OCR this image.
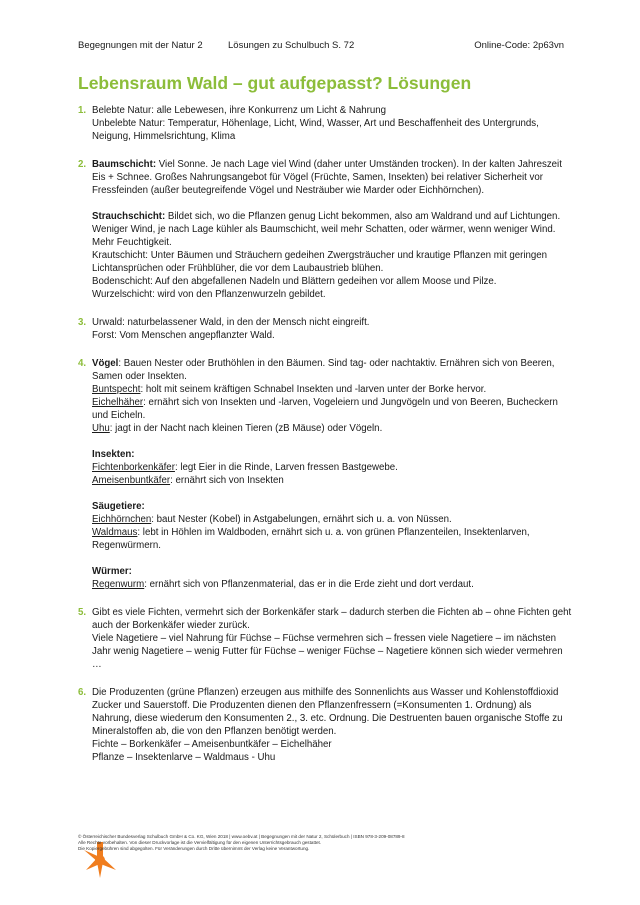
Begegnungen mit der Natur 2	Lösungen zu Schulbuch S. 72	Online-Code: 2p63vn
Lebensraum Wald – gut aufgepasst? Lösungen
1. Belebte Natur: alle Lebewesen, ihre Konkurrenz um Licht & Nahrung

Unbelebte Natur: Temperatur, Höhenlage, Licht, Wind, Wasser, Art und Beschaffenheit des Untergrunds, Neigung, Himmelsrichtung, Klima

2. Baumschicht: Viel Sonne. Je nach Lage viel Wind (daher unter Umständen trocken). In der kalten Jahreszeit Eis + Schnee. Großes Nahrungsangebot für Vögel (Früchte, Samen, Insekten) bei relativer Sicherheit vor Fressfeinden (außer beutegreifende Vögel und Nesträuber wie Marder oder Eichhörnchen).

Strauchschicht: Bildet sich, wo die Pflanzen genug Licht bekommen, also am Waldrand und auf Lichtungen. Weniger Wind, je nach Lage kühler als Baumschicht, weil mehr Schatten, oder wärmer, wenn weniger Wind. Mehr Feuchtigkeit.

Krautschicht: Unter Bäumen und Sträuchern gedeihen Zwergsträucher und krautige Pflanzen mit geringen Lichtansprüchen oder Frühblüher, die vor dem Laubaustrieb blühen.

Bodenschicht: Auf den abgefallenen Nadeln und Blättern gedeihen vor allem Moose und Pilze.

Wurzelschicht: wird von den Pflanzenwurzeln gebildet.

3. Urwald: naturbelassener Wald, in den der Mensch nicht eingreift.

Forst: Vom Menschen angepflanzter Wald.

4. Vögel: Bauen Nester oder Bruthöhlen in den Bäumen. Sind tag- oder nachtaktiv. Ernähren sich von Beeren, Samen oder Insekten.

Buntspecht: holt mit seinem kräftigen Schnabel Insekten und -larven unter der Borke hervor.

Eichelhäher: ernährt sich von Insekten und -larven, Vogeleiern und Jungvögeln und von Beeren, Bucheckern und Eicheln.

Uhu: jagt in der Nacht nach kleinen Tieren (zB Mäuse) oder Vögeln.

Insekten:

Fichtenborkenkäfer: legt Eier in die Rinde, Larven fressen Bastgewebe.

Ameisenbuntkäfer: ernährt sich von Insekten

Säugetiere:

Eichhörnchen: baut Nester (Kobel) in Astgabelungen, ernährt sich u. a. von Nüssen.

Waldmaus: lebt in Höhlen im Waldboden, ernährt sich u. a. von grünen Pflanzenteilen, Insektenlarven, Regenwürmern.

Würmer:

Regenwurm: ernährt sich von Pflanzenmaterial, das er in die Erde zieht und dort verdaut.

5. Gibt es viele Fichten, vermehrt sich der Borkenkäfer stark – dadurch sterben die Fichten ab – ohne Fichten geht auch der Borkenkäfer wieder zurück.

Viele Nagetiere – viel Nahrung für Füchse – Füchse vermehren sich – fressen viele Nagetiere – im nächsten Jahr wenig Nagetiere – wenig Futter für Füchse – weniger Füchse – Nagetiere können sich wieder vermehren …

6. Die Produzenten (grüne Pflanzen) erzeugen aus mithilfe des Sonnenlichts aus Wasser und Kohlenstoffdioxid Zucker und Sauerstoff. Die Produzenten dienen den Pflanzenfressern (=Konsumenten 1. Ordnung) als Nahrung, diese wiederum den Konsumenten 2., 3. etc. Ordnung. Die Destruenten bauen organische Stoffe zu Mineralstoffen ab, die von den Pflanzen benötigt werden.

Fichte – Borkenkäfer – Ameisenbuntkäfer – Eichelhäher

Pflanze – Insektenlarve – Waldmaus - Uhu

© Österreichischer Bundesverlag Schulbuch GmbH & Co. KG, Wien 2018 | www.oebv.at | Begegnungen mit der Natur 2, Schülerbuch | ISBN 978-3-209-08789-8

Alle Rechte vorbehalten. Von dieser Druckvorlage ist die Vervielfältigung für den eigenen Unterrichtsgebrauch gestattet.

Die Kopiergebühren sind abgegolten. Für Veränderungen durch Dritte übernimmt der Verlag keine Verantwortung.
